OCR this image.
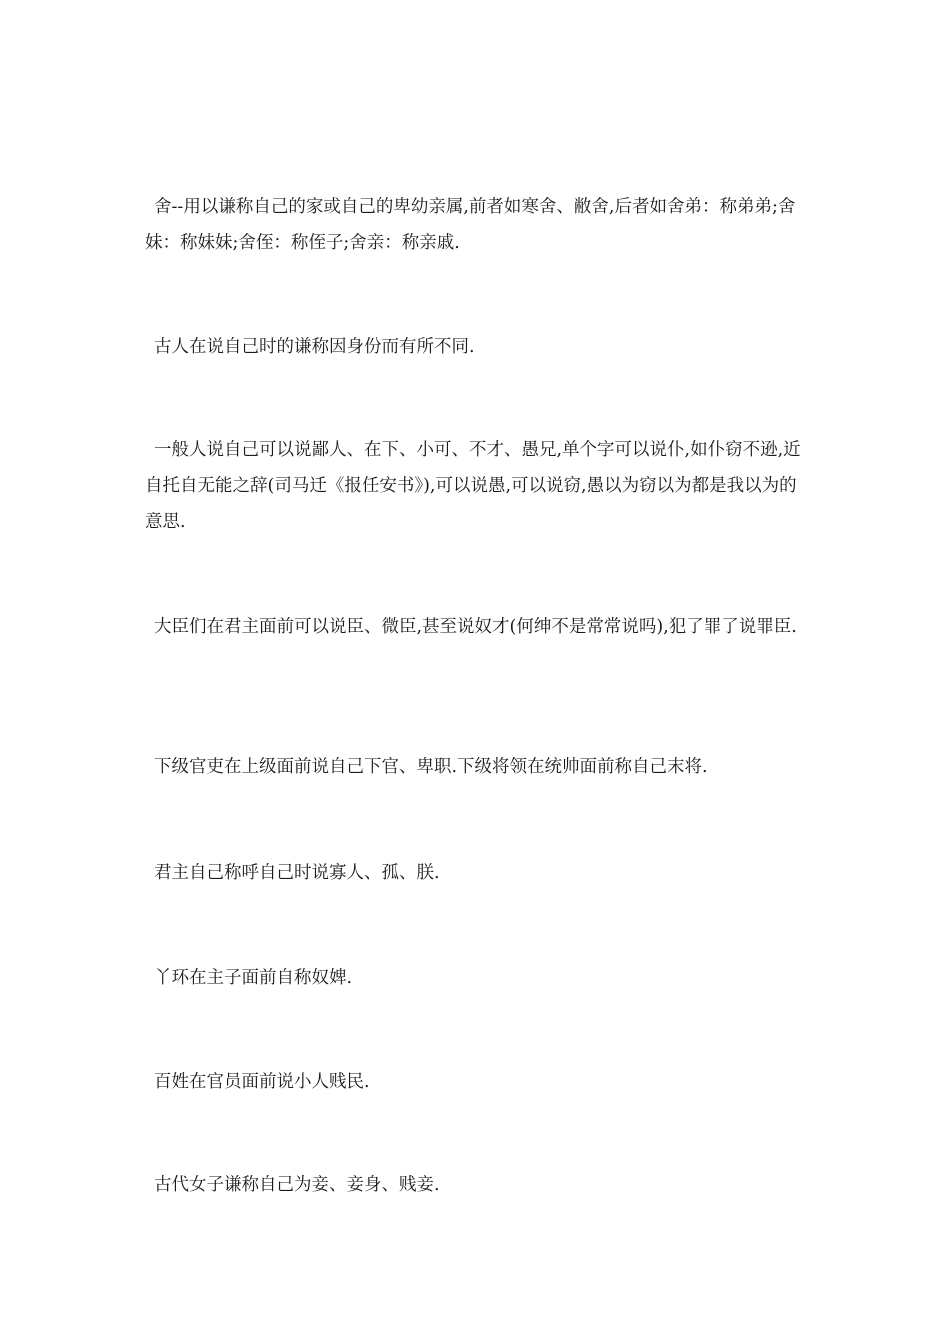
舍--用以谦称自己的家或自己的卑幼亲属,前者如寒舍、敝舍,后者如舍弟：称弟弟;舍妹：称妹妹;舍侄：称侄子;舍亲：称亲戚.

古人在说自己时的谦称因身份而有所不同.

一般人说自己可以说鄙人、在下、小可、不才、愚兄,单个字可以说仆,如仆窃不逊,近自托自无能之辞(司马迁《报任安书》),可以说愚,可以说窃,愚以为窃以为都是我以为的意思.

大臣们在君主面前可以说臣、微臣,甚至说奴才(何绅不是常常说吗),犯了罪了说罪臣.

下级官吏在上级面前说自己下官、卑职.下级将领在统帅面前称自己末将.

君主自己称呼自己时说寡人、孤、朕.

丫环在主子面前自称奴婢.

百姓在官员面前说小人贱民.

古代女子谦称自己为妾、妾身、贱妾.
